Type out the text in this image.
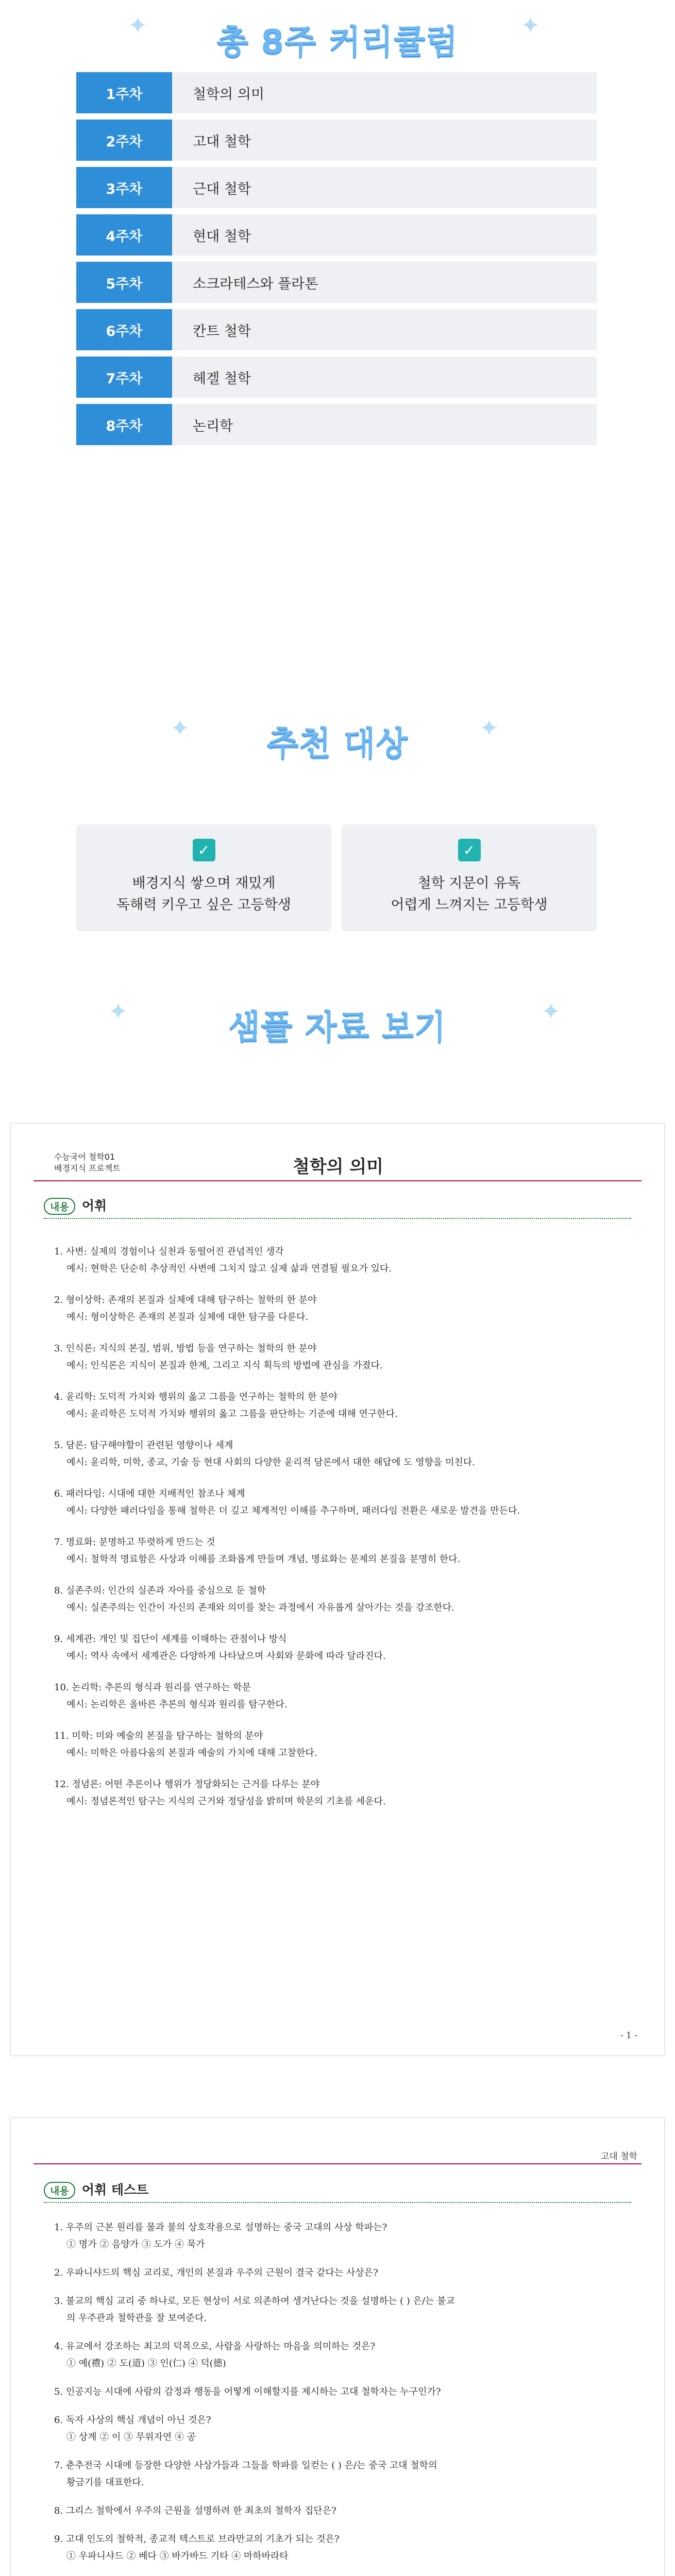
✦	✦
총 8주 커리큘럼
1주차	철학의 의미
2주차	고대 철학
3주차	근대 철학
4주차	현대 철학
5주차	소크라테스와 플라톤
6주차	칸트 철학
7주차	헤겔 철학
8주차	논리학
✦	✦
추천 대상
✓
배경지식 쌓으며 재밌게
독해력 키우고 싶은 고등학생
✓
철학 지문이 유독
어렵게 느껴지는 고등학생
✦	✦
샘플 자료 보기
수능국어 철학01
배경지식 프로젝트	철학의 의미
내용 어휘
1. 사변: 실제의 경험이나 실천과 동떨어진 관념적인 생각
예시: 현학은 단순히 추상적인 사변에 그치지 않고 실제 삶과 연결될 필요가 있다.
2. 형이상학: 존재의 본질과 실체에 대해 탐구하는 철학의 한 분야
예시: 형이상학은 존재의 본질과 실체에 대한 탐구를 다룬다.
3. 인식론: 지식의 본질, 범위, 방법 등을 연구하는 철학의 한 분야
예시: 인식론은 지식이 본질과 한계, 그리고 지식 획득의 방법에 관심을 가졌다.
4. 윤리학: 도덕적 가치와 행위의 옳고 그름을 연구하는 철학의 한 분야
예시: 윤리학은 도덕적 가치와 행위의 옳고 그름을 판단하는 기준에 대해 연구한다.
5. 담론: 탐구해야할이 관련된 영향이나 세계
예시: 윤리학, 미학, 종교, 기술 등 현대 사회의 다양한 윤리적 담론에서 대한 해답에 도 영향을 미친다.
6. 패러다임: 시대에 대한 지배적인 참조나 체계
예시: 다양한 패러다임을 통해 철학은 더 깊고 체계적인 이해를 추구하며, 패러다임 전환은 새로운 발견을 만든다.
7. 명료화: 분명하고 뚜렷하게 만드는 것
예시: 철학적 명료함은 사상과 이해를 조화롭게 만들며 개념, 명료화는 문제의 본질을 분명히 한다.
8. 실존주의: 인간의 실존과 자아를 중심으로 둔 철학
예시: 실존주의는 인간이 자신의 존재와 의미를 찾는 과정에서 자유롭게 살아가는 것을 강조한다.
9. 세계관: 개인 및 집단이 세계를 이해하는 관점이나 방식
예시: 역사 속에서 세계관은 다양하게 나타났으며 사회와 문화에 따라 달라진다.
10. 논리학: 추론의 형식과 원리를 연구하는 학문
예시: 논리학은 올바른 추론의 형식과 원리를 탐구한다.
11. 미학: 미와 예술의 본질을 탐구하는 철학의 분야
예시: 미학은 아름다움의 본질과 예술의 가치에 대해 고찰한다.
12. 정념론: 어떤 추론이나 행위가 정당화되는 근거를 다루는 분야
예시: 정념론적인 탐구는 지식의 근거와 정당성을 밝히며 학문의 기초를 세운다.
- 1 -
고대 철학
내용 어휘 테스트
1. 우주의 근본 원리를 물과 불의 상호작용으로 설명하는 중국 고대의 사상 학파는?
① 명가 ② 음양가 ③ 도가 ④ 묵가
2. 우파니샤드의 핵심 교리로, 개인의 본질과 우주의 근원이 결국 같다는 사상은?
3. 불교의 핵심 교리 중 하나로, 모든 현상이 서로 의존하여 생겨난다는 것을 설명하는 ( ) 은/는 불교
의 우주관과 철학관을 잘 보여준다.
4. 유교에서 강조하는 최고의 덕목으로, 사람을 사랑하는 마음을 의미하는 것은?
① 예(禮) ② 도(道) ③ 인(仁) ④ 덕(德)
5. 인공지능 시대에 사람의 감정과 행동을 어떻게 이해할지를 제시하는 고대 철학자는 누구인가?
6. 독자 사상의 핵심 개념이 아닌 것은?
① 상계 ② 이 ③ 무위자연 ④ 공
7. 춘추전국 시대에 등장한 다양한 사상가들과 그들을 학파를 일컫는 ( ) 은/는 중국 고대 철학의
황금기를 대표한다.
8. 그리스 철학에서 우주의 근원을 설명하려 한 최초의 철학자 집단은?
9. 고대 인도의 철학적, 종교적 텍스트로 브라만교의 기초가 되는 것은?
① 우파니샤드 ② 베다 ③ 바가바드 기타 ④ 마하바라타
